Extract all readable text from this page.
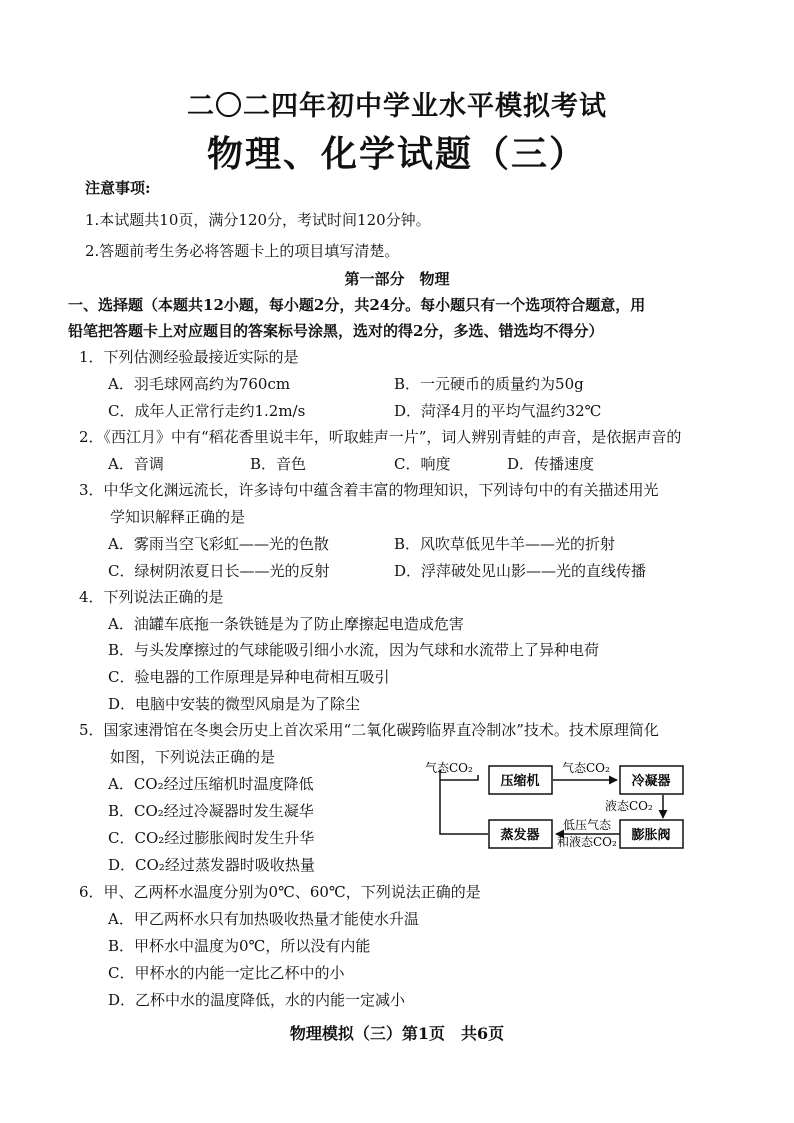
二〇二四年初中学业水平模拟考试
物理、化学试题（三）
注意事项:
1.本试题共10页，满分120分，考试时间120分钟。
2.答题前考生务必将答题卡上的项目填写清楚。
第一部分　物理
一、选择题（本题共12小题，每小题2分，共24分。每小题只有一个选项符合题意，用
铅笔把答题卡上对应题目的答案标号涂黑，选对的得2分，多选、错选均不得分）
1．下列估测经验最接近实际的是
A．羽毛球网高约为760cm	B．一元硬币的质量约为50g
C．成年人正常行走约1.2m/s	D．菏泽4月的平均气温约32℃
2．《西江月》中有“稻花香里说丰年，听取蛙声一片”，词人辨别青蛙的声音，是依据声音的
A．音调	B．音色	C．响度	D．传播速度
3．中华文化渊远流长，许多诗句中蕴含着丰富的物理知识，下列诗句中的有关描述用光
学知识解释正确的是
A．雾雨当空飞彩虹——光的色散	B．风吹草低见牛羊——光的折射
C．绿树阴浓夏日长——光的反射	D．浮萍破处见山影——光的直线传播
4．下列说法正确的是
A．油罐车底拖一条铁链是为了防止摩擦起电造成危害
B．与头发摩擦过的气球能吸引细小水流，因为气球和水流带上了异种电荷
C．验电器的工作原理是异种电荷相互吸引
D．电脑中安装的微型风扇是为了除尘
5．国家速滑馆在冬奥会历史上首次采用“二氧化碳跨临界直冷制冰”技术。技术原理简化
如图，下列说法正确的是
A．CO₂经过压缩机时温度降低
B．CO₂经过冷凝器时发生凝华
C．CO₂经过膨胀阀时发生升华
D．CO₂经过蒸发器时吸收热量
压缩机	冷凝器
蒸发器	膨胀阀
气态CO₂	气态CO₂
液态CO₂
低压气态
和液态CO₂
6．甲、乙两杯水温度分别为0℃、60℃，下列说法正确的是
A．甲乙两杯水只有加热吸收热量才能使水升温
B．甲杯水中温度为0℃，所以没有内能
C．甲杯水的内能一定比乙杯中的小
D．乙杯中水的温度降低，水的内能一定减小
物理模拟（三）第1页　共6页
